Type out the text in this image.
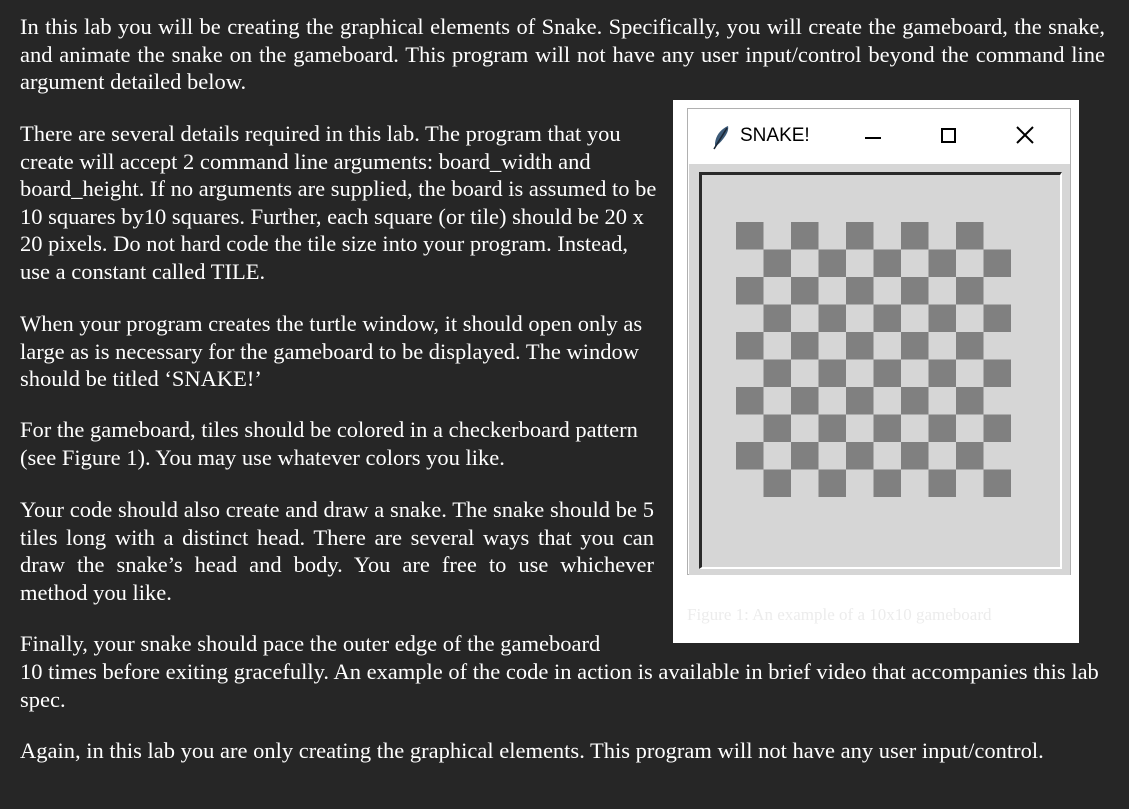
In this lab you will be creating the graphical elements of Snake. Specifically, you will create the gameboard, the snake, and animate the snake on the gameboard. This program will not have any user input/control beyond the command line argument detailed below.

There are several details required in this lab. The program that you create will accept 2 command line arguments: board_width and board_height. If no arguments are supplied, the board is assumed to be 10 squares by10 squares. Further, each square (or tile) should be 20 x 20 pixels. Do not hard code the tile size into your program. Instead, use a constant called TILE.

When your program creates the turtle window, it should open only as large as is necessary for the gameboard to be displayed. The window should be titled ‘SNAKE!’

For the gameboard, tiles should be colored in a checkerboard pattern (see Figure 1). You may use whatever colors you like.

Your code should also create and draw a snake. The snake should be 5 tiles long with a distinct head. There are several ways that you can draw the snake’s head and body. You are free to use whichever method you like.

Finally, your snake should pace the outer edge of the gameboard

10 times before exiting gracefully. An example of the code in action is available in brief video that accompanies this lab spec.

Again, in this lab you are only creating the graphical elements. This program will not have any user input/control.

SNAKE!
Figure 1: An example of a 10x10 gameboard
